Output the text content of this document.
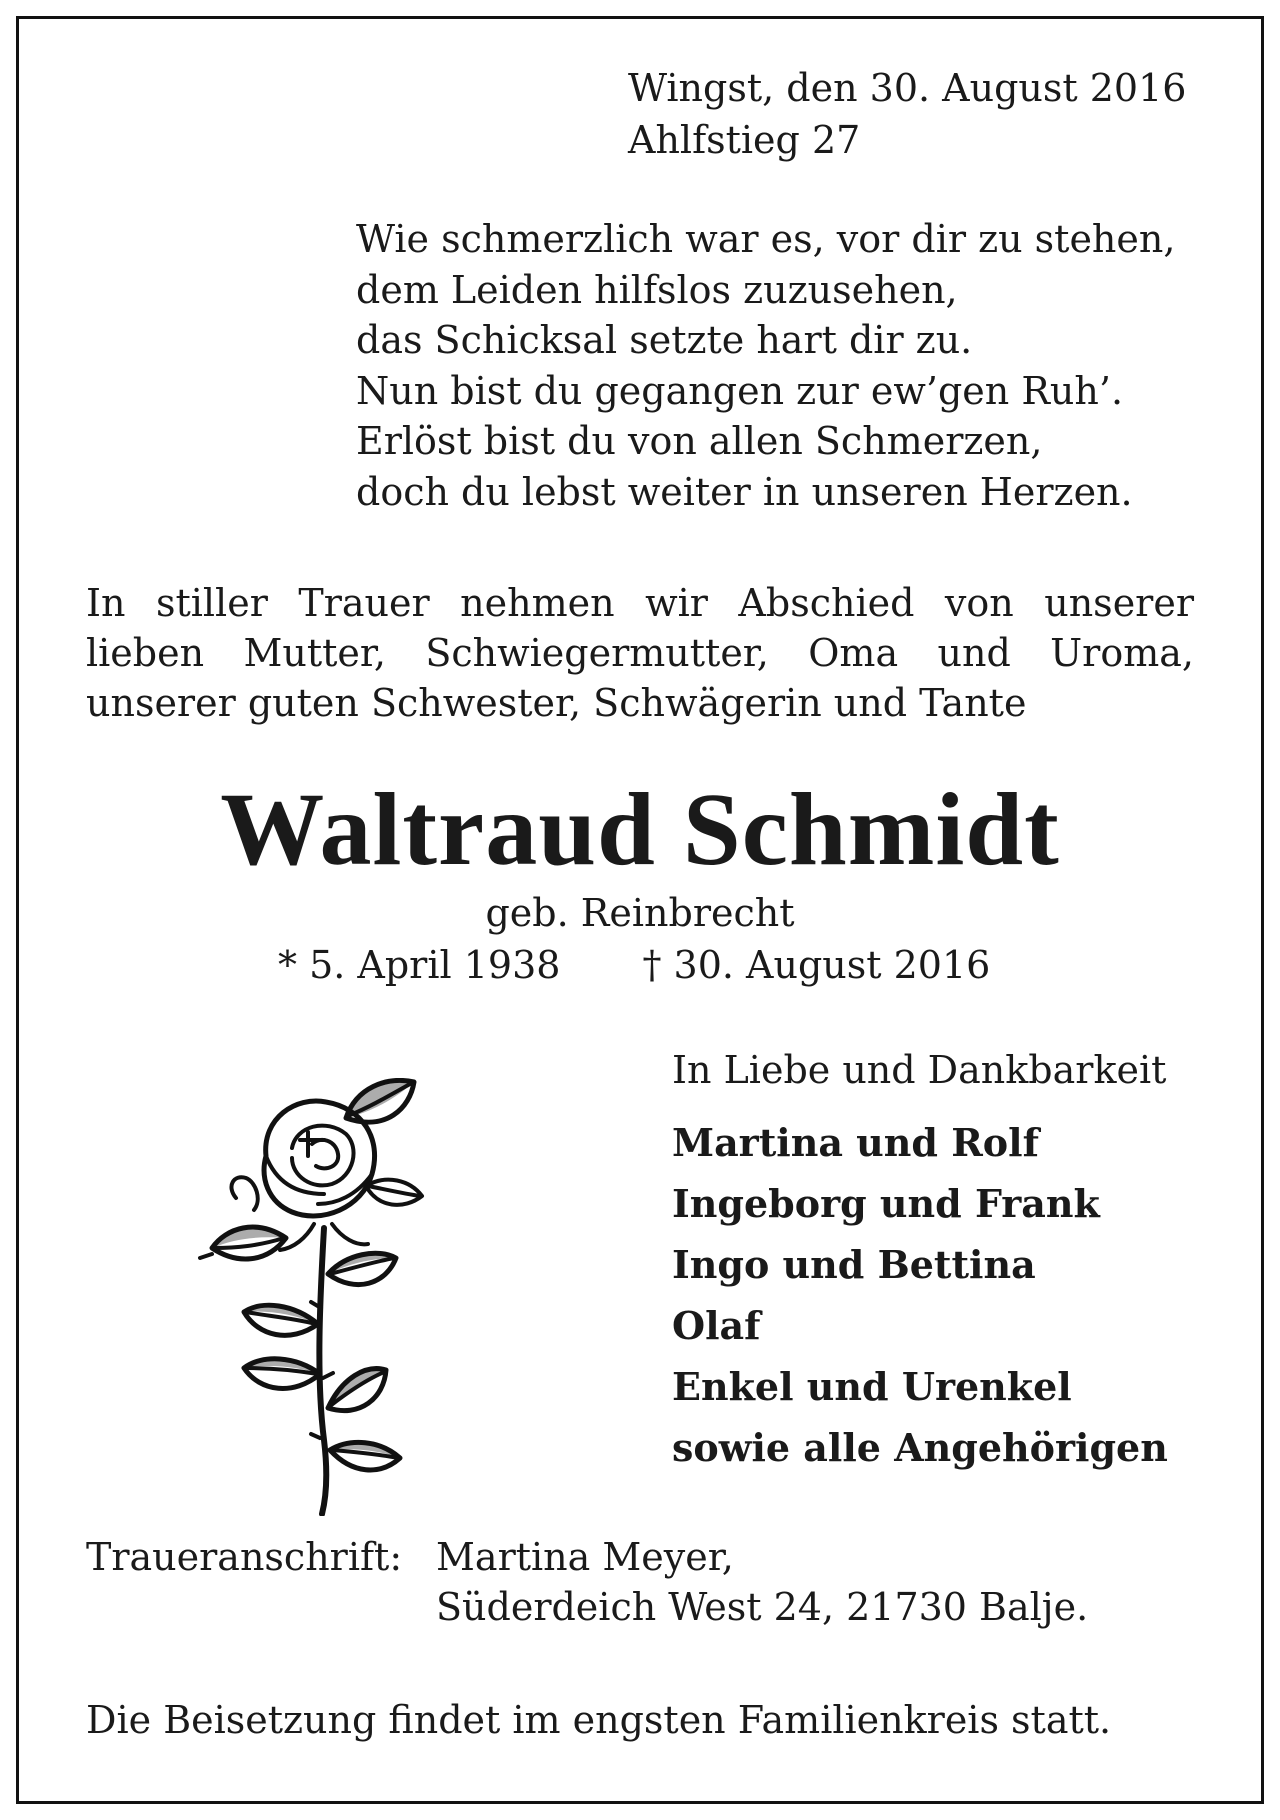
Wingst, den 30. August 2016
Ahlfstieg 27
Wie schmerzlich war es, vor dir zu stehen,
dem Leiden hilfslos zuzusehen,
das Schicksal setzte hart dir zu.
Nun bist du gegangen zur ew’gen Ruh’.
Erlöst bist du von allen Schmerzen,
doch du lebst weiter in unseren Herzen.
In stiller Trauer nehmen wir Abschied von unserer
lieben Mutter, Schwiegermutter, Oma und Uroma,
unserer guten Schwester, Schwägerin und Tante
Waltraud Schmidt
geb. Reinbrecht
* 5. April 1938 † 30. August 2016
In Liebe und Dankbarkeit
Martina und Rolf
Ingeborg und Frank
Ingo und Bettina
Olaf
Enkel und Urenkel
sowie alle Angehörigen
Traueranschrift: Martina Meyer,
Süderdeich West 24, 21730 Balje.
Die Beisetzung findet im engsten Familienkreis statt.
